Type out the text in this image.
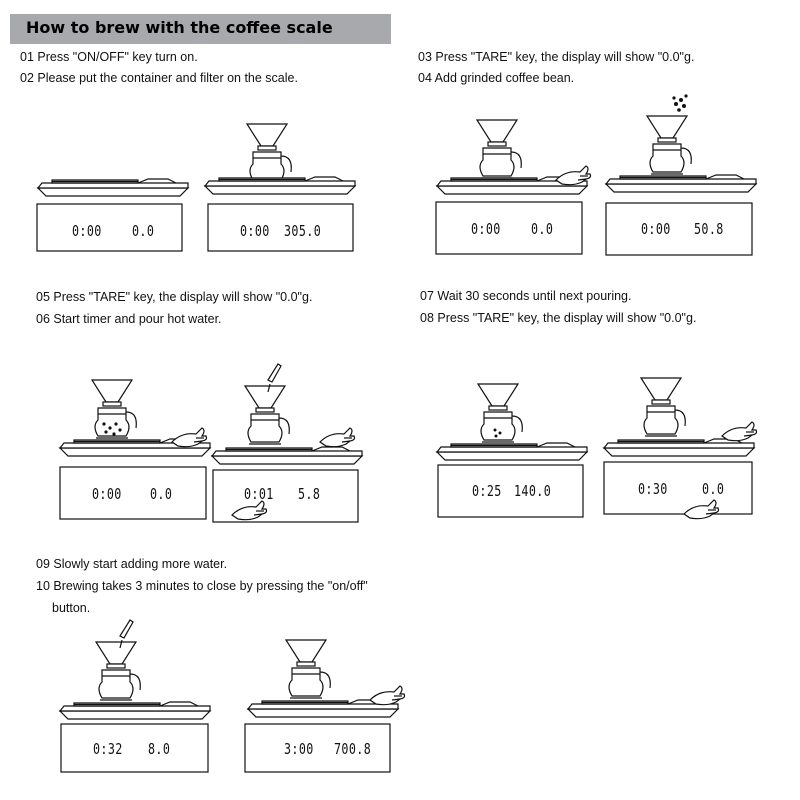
How to brew with the coffee scale
01 Press "ON/OFF" key turn on.
02 Please put the container and filter on the scale.
03 Press "TARE" key, the display will show "0.0"g.
04 Add grinded coffee bean.
05 Press "TARE" key, the display will show "0.0"g.
06 Start timer and pour hot water.
07 Wait 30 seconds until next pouring.
08 Press "TARE" key, the display will show "0.0"g.
09 Slowly start adding more water.
10 Brewing takes 3 minutes to close by pressing the "on/off"
button.
0:00 0.0	0:00 305.0	0:00 0.0	0:00 50.8
0:00 0.0	0:01 5.8	0:25 140.0	0:30 0.0
0:32 8.0	3:00 700.8
